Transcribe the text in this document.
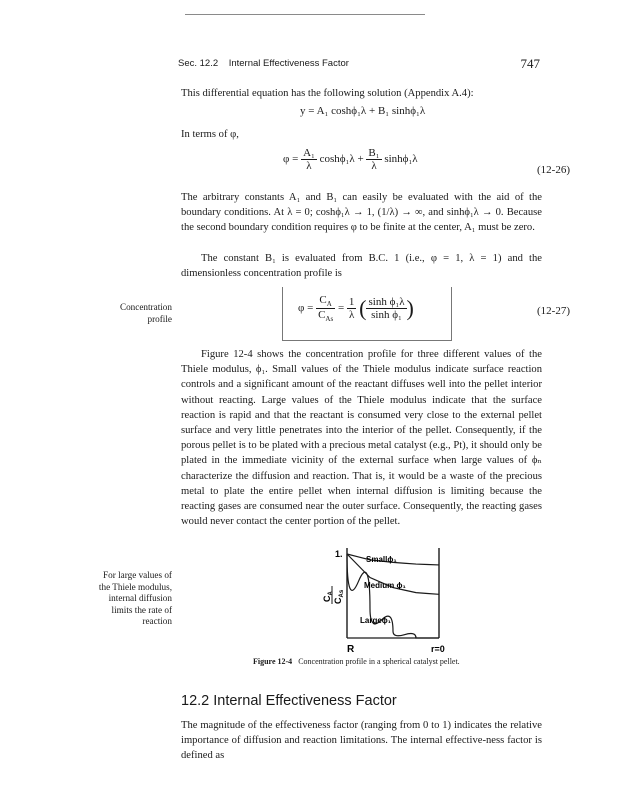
Sec. 12.2 Internal Effectiveness Factor	747
This differential equation has the following solution (Appendix A.4):
y = A₁ coshϕ₁λ + B₁ sinhϕ₁λ
In terms of φ,
$\varphi = \frac{\text{A₁}}{\lambda} \cosh\phi_1\lambda + \frac{\text{B₁}}{\lambda} \sinh\phi_1\lambda$
(12-26)
The arbitrary constants A₁ and B₁ can easily be evaluated with the aid of the boundary conditions. At λ = 0; coshϕ₁λ → 1, (1/λ) → ∞, and sinhϕ₁λ → 0. Because the second boundary condition requires φ to be finite at the center, A₁ must be zero.
The constant B₁ is evaluated from B.C. 1 (i.e., φ = 1, λ = 1) and the dimensionless concentration profile is
Concentration
profile
$\varphi = \frac{C_A}{C_{As}} = \frac{1}{\lambda}$ ( $\frac{\text{sinh ϕ₁λ}}{\text{sinh ϕ₁}}$ )	(12-27)
Figure 12-4 shows the concentration profile for three different values of the Thiele modulus, ϕ₁. Small values of the Thiele modulus indicate surface reaction controls and a significant amount of the reactant diffuses well into the pellet interior without reacting. Large values of the Thiele modulus indicate that the surface reaction is rapid and that the reactant is consumed very close to the external pellet surface and very little penetrates into the interior of the pellet. Consequently, if the porous pellet is to be plated with a precious metal catalyst (e.g., Pt), it should only be plated in the immediate vicinity of the external surface when large values of ϕₙ characterize the diffusion and reaction. That is, it would be a waste of the precious metal to plate the entire pellet when internal diffusion is limiting because the reacting gases are consumed near the outer surface. Consequently, the reacting gases would never contact the center portion of the pellet.
For large values of
the Thiele modulus,
internal diffusion
limits the rate of
reaction
Smallϕ₁
Medium ϕ₁
Largeϕ₁
1.
R	r=0
$C_A$
$C_{As}$
Figure 12-4 Concentration profile in a spherical catalyst pellet.
12.2 Internal Effectiveness Factor
The magnitude of the effectiveness factor (ranging from 0 to 1) indicates the relative importance of diffusion and reaction limitations. The internal effective-ness factor is defined as
